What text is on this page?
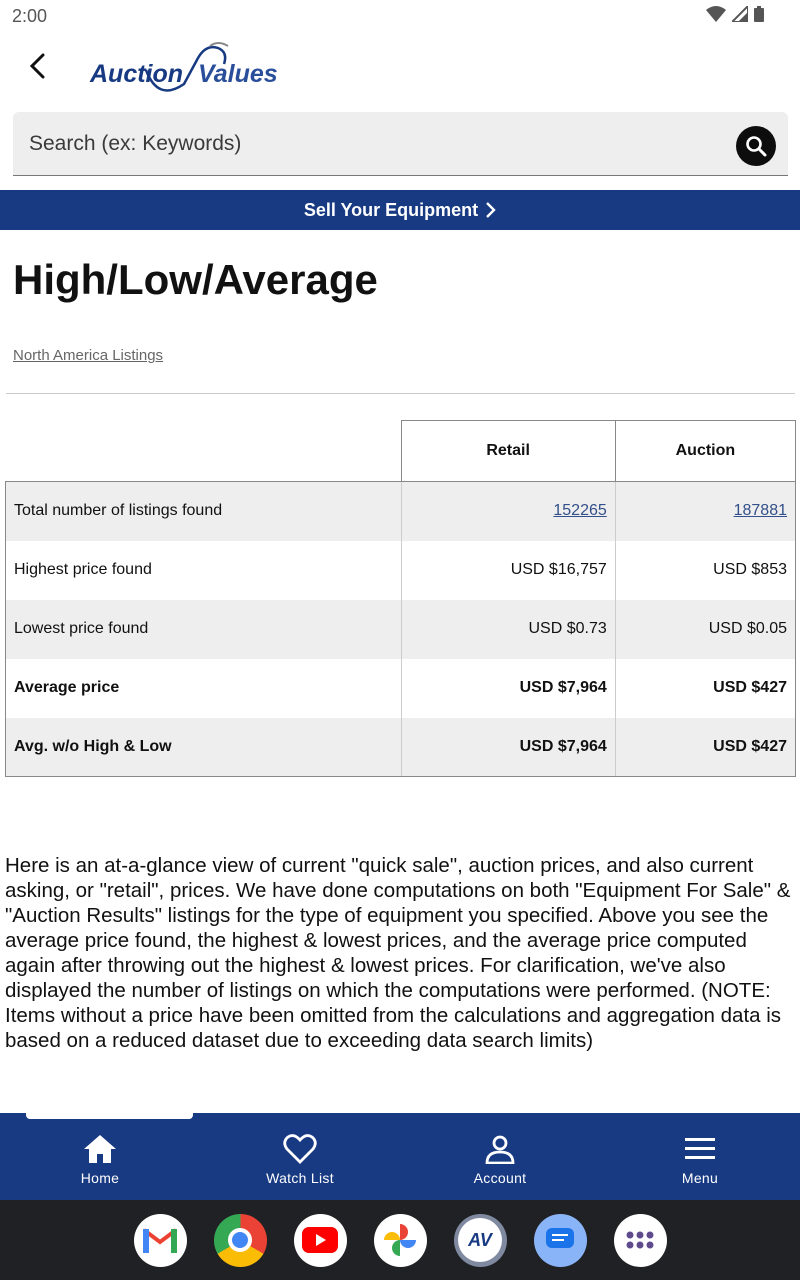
2:00
Auction Values
Search (ex: Keywords)
Sell Your Equipment
High/Low/Average
North America Listings
	Retail	Auction
Total number of listings found	152265	187881
Highest price found	USD $16,757	USD $853
Lowest price found	USD $0.73	USD $0.05
Average price	USD $7,964	USD $427
Avg. w/o High & Low	USD $7,964	USD $427

Here is an at-a-glance view of current "quick sale", auction prices, and also current asking, or "retail", prices. We have done computations on both "Equipment For Sale" & "Auction Results" listings for the type of equipment you specified. Above you see the average price found, the highest & lowest prices, and the average price computed again after throwing out the highest & lowest prices. For clarification, we've also displayed the number of listings on which the computations were performed. (NOTE: Items without a price have been omitted from the calculations and aggregation data is based on a reduced dataset due to exceeding data search limits)

Home	Watch List	Account	Menu
AV
